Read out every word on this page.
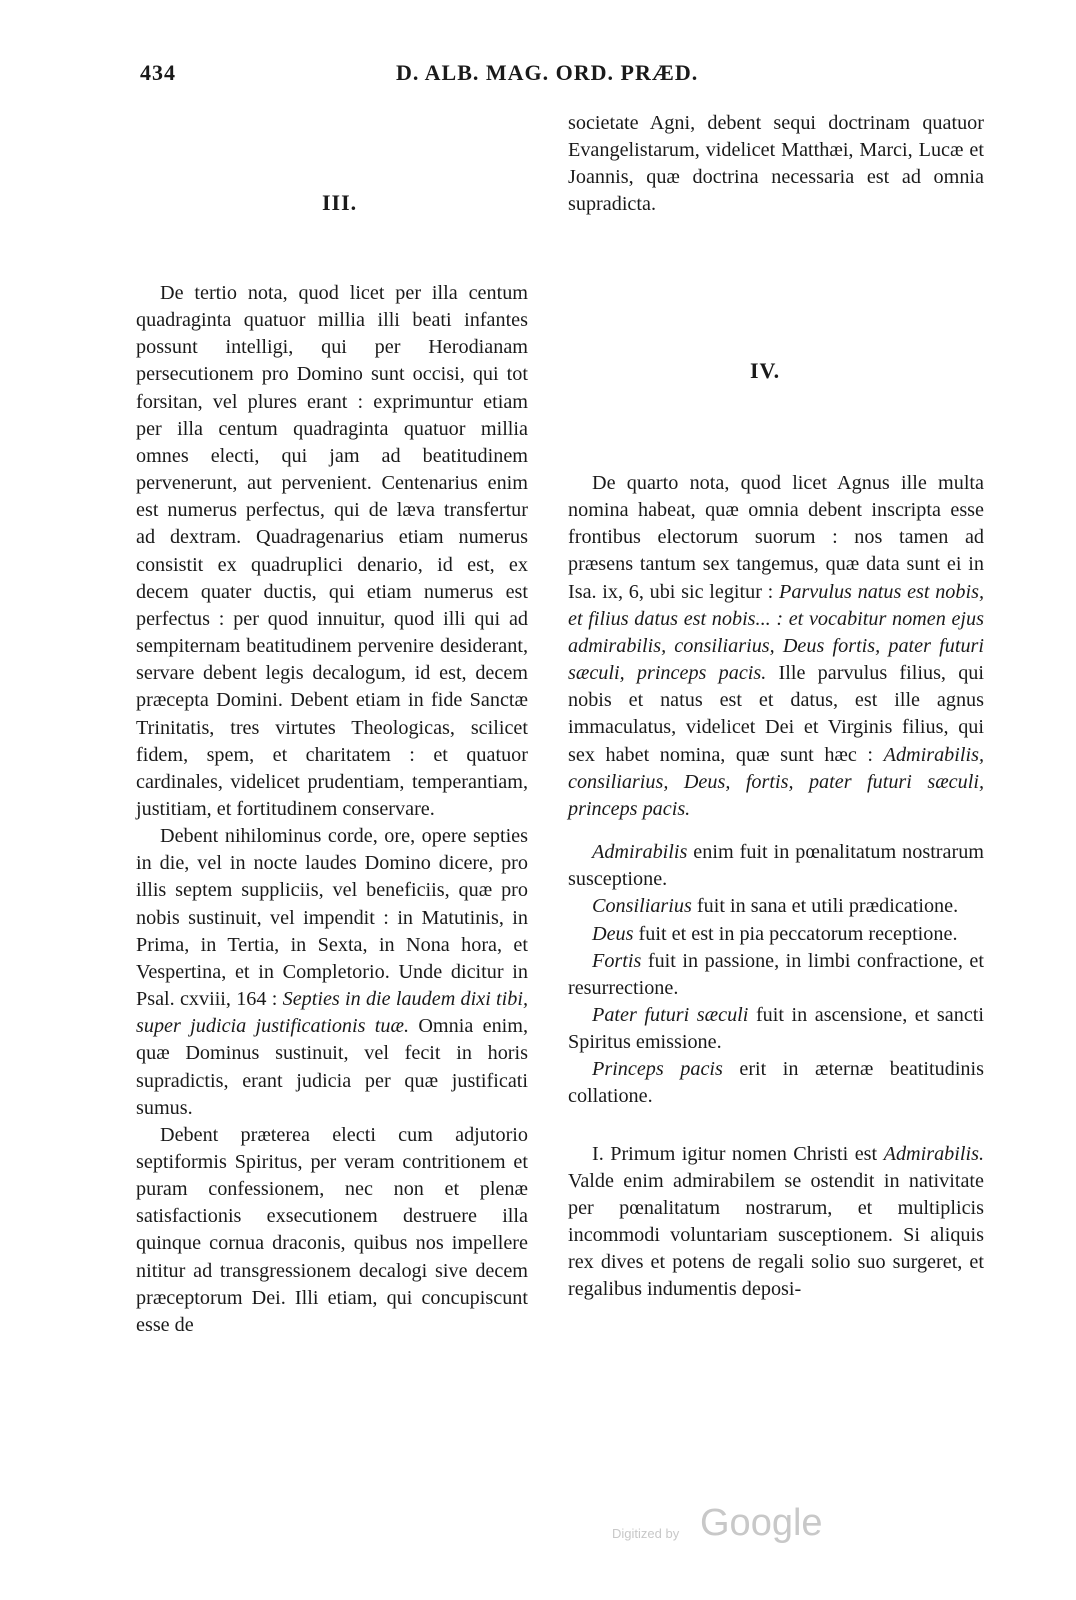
434	D. ALB. MAG. ORD. PRÆD.
III.

De tertio nota, quod licet per illa centum quadraginta quatuor millia illi beati infantes possunt intelligi, qui per Herodianam persecutionem pro Domino sunt occisi, qui tot forsitan, vel plures erant : exprimuntur etiam per illa centum quadraginta quatuor millia omnes electi, qui jam ad beatitudinem pervenerunt, aut pervenient. Centenarius enim est numerus perfectus, qui de læva transfertur ad dextram. Quadragenarius etiam numerus consistit ex quadruplici denario, id est, ex decem quater ductis, qui etiam numerus est perfectus : per quod innuitur, quod illi qui ad sempiternam beatitudinem pervenire desiderant, servare debent legis decalogum, id est, decem præcepta Domini. Debent etiam in fide Sanctæ Trinitatis, tres virtutes Theologicas, scilicet fidem, spem, et charitatem : et quatuor cardinales, videlicet prudentiam, temperantiam, justitiam, et fortitudinem conservare.

Debent nihilominus corde, ore, opere septies in die, vel in nocte laudes Domino dicere, pro illis septem suppliciis, vel beneficiis, quæ pro nobis sustinuit, vel impendit : in Matutinis, in Prima, in Tertia, in Sexta, in Nona hora, et Vespertina, et in Completorio. Unde dicitur in Psal. cxviii, 164 : Septies in die laudem dixi tibi, super judicia justificationis tuæ. Omnia enim, quæ Dominus sustinuit, vel fecit in horis supradictis, erant judicia per quæ justificati sumus.

Debent præterea electi cum adjutorio septiformis Spiritus, per veram contritionem et puram confessionem, nec non et plenæ satisfactionis exsecutionem destruere illa quinque cornua draconis, quibus nos impellere nititur ad transgressionem decalogi sive decem præceptorum Dei. Illi etiam, qui concupiscunt esse de

societate Agni, debent sequi doctrinam quatuor Evangelistarum, videlicet Matthæi, Marci, Lucæ et Joannis, quæ doctrina necessaria est ad omnia supradicta.

IV.

De quarto nota, quod licet Agnus ille multa nomina habeat, quæ omnia debent inscripta esse frontibus electorum suorum : nos tamen ad præsens tantum sex tangemus, quæ data sunt ei in Isa. ix, 6, ubi sic legitur : Parvulus natus est nobis, et filius datus est nobis... : et vocabitur nomen ejus admirabilis, consiliarius, Deus fortis, pater futuri sæculi, princeps pacis. Ille parvulus filius, qui nobis et natus est et datus, est ille agnus immaculatus, videlicet Dei et Virginis filius, qui sex habet nomina, quæ sunt hæc : Admirabilis, consiliarius, Deus, fortis, pater futuri sæculi, princeps pacis.

Admirabilis enim fuit in pœnalitatum nostrarum susceptione.

Consiliarius fuit in sana et utili prædicatione.

Deus fuit et est in pia peccatorum receptione.

Fortis fuit in passione, in limbi confractione, et resurrectione.

Pater futuri sæculi fuit in ascensione, et sancti Spiritus emissione.

Princeps pacis erit in æternæ beatitudinis collatione.

I. Primum igitur nomen Christi est Admirabilis. Valde enim admirabilem se ostendit in nativitate per pœnalitatum nostrarum, et multiplicis incommodi voluntariam susceptionem. Si aliquis rex dives et potens de regali solio suo surgeret, et regalibus indumentis deposi-

Digitized by Google
